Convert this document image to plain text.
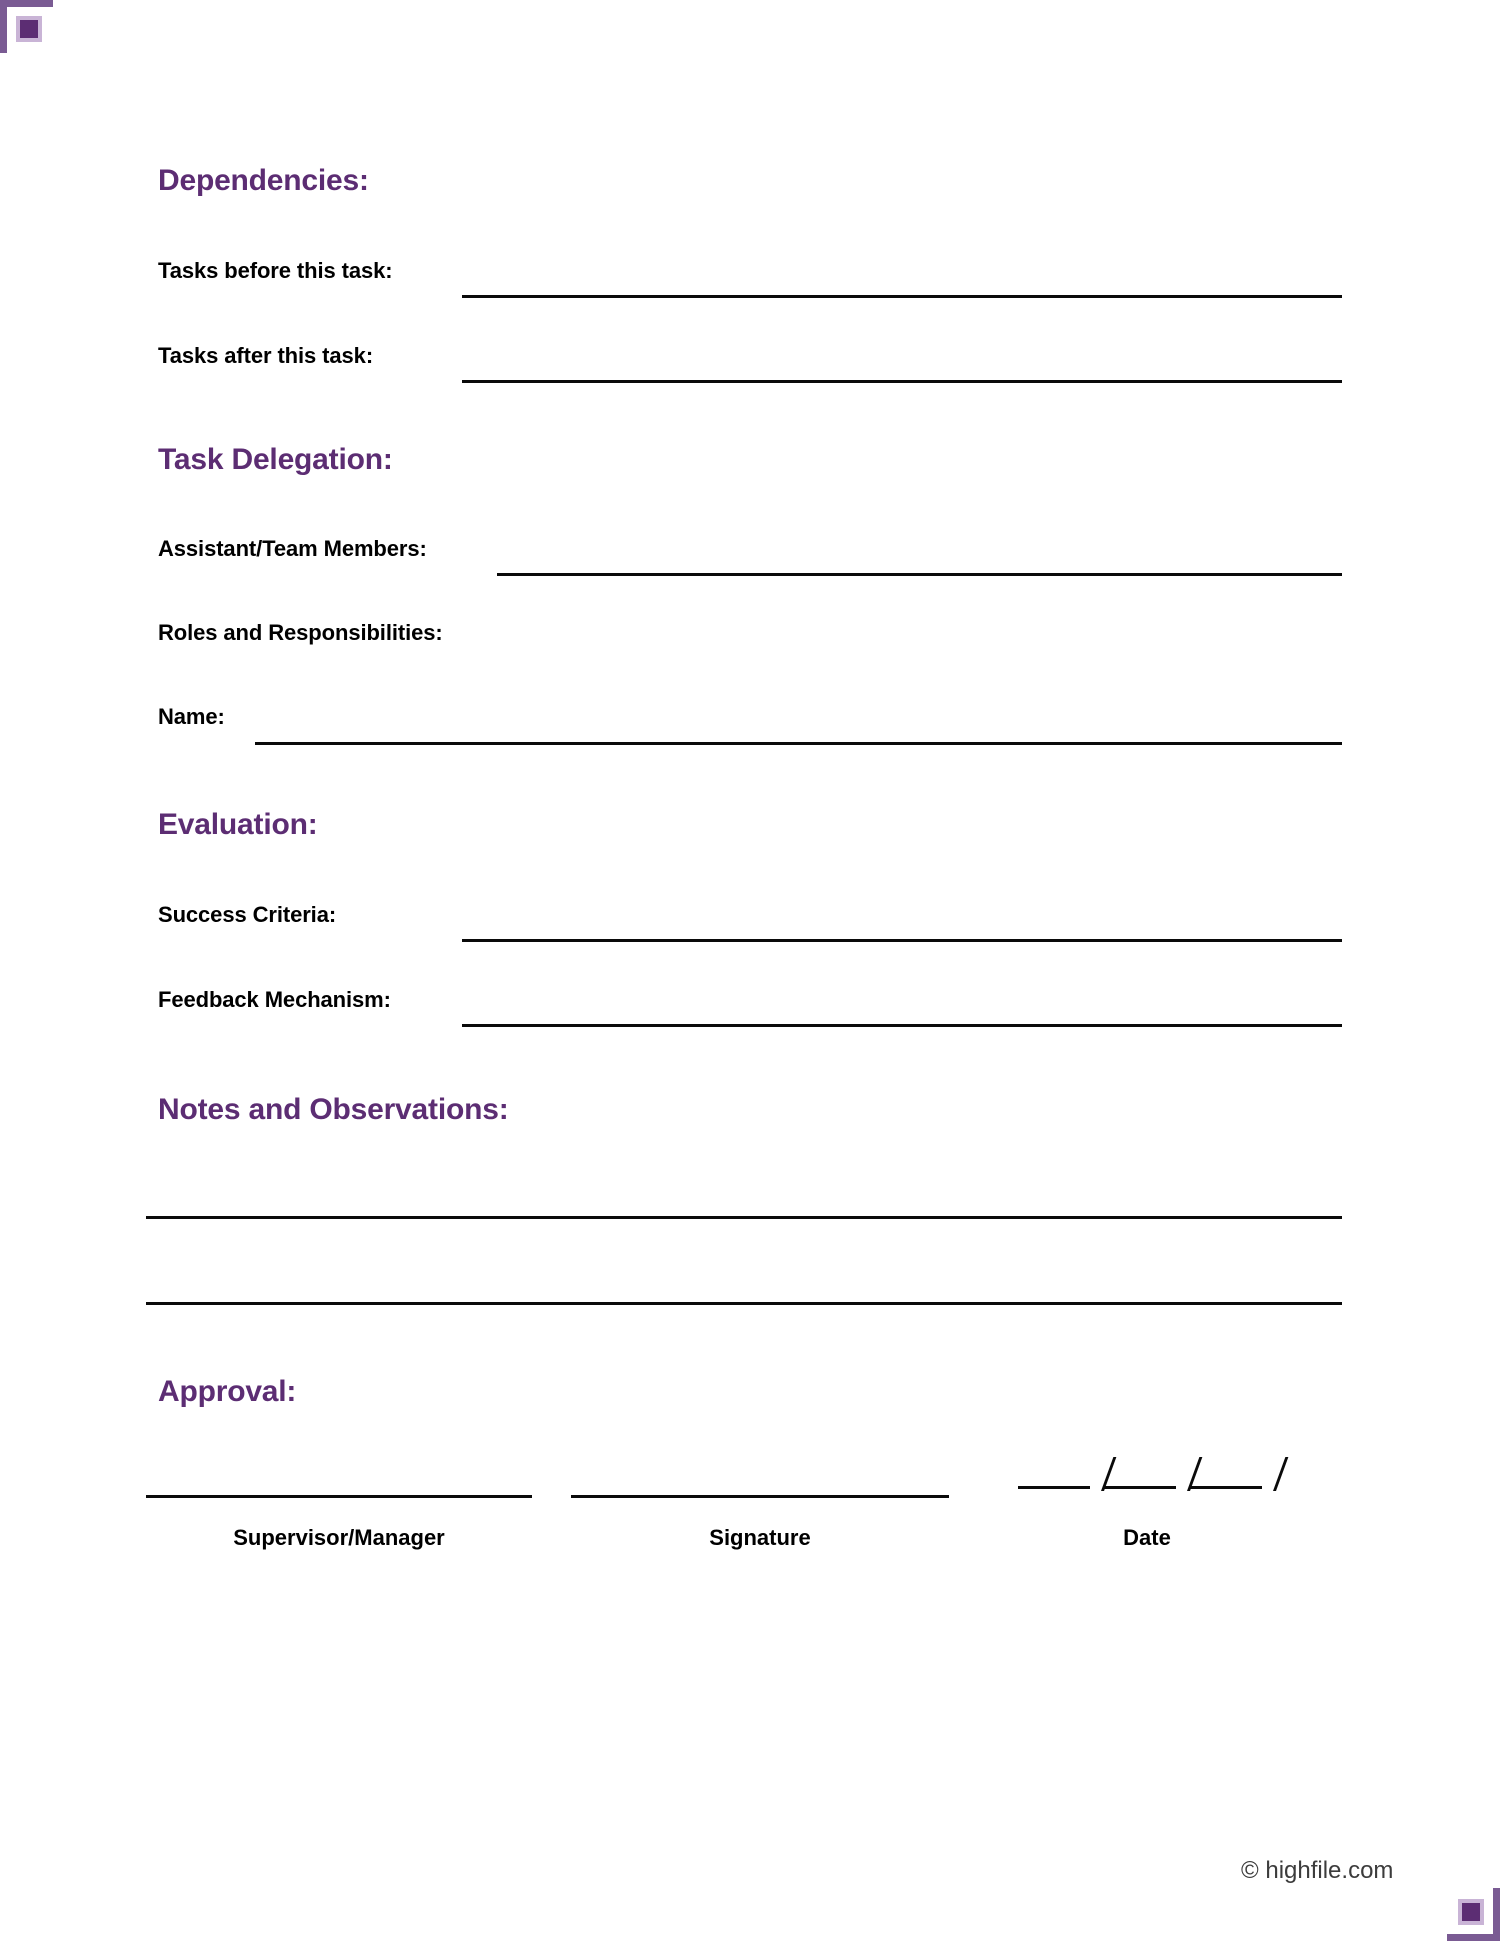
Dependencies:
Tasks before this task:
Tasks after this task:
Task Delegation:
Assistant/Team Members:
Roles and Responsibilities:
Name:
Evaluation:
Success Criteria:
Feedback Mechanism:
Notes and Observations:
Approval:
Supervisor/Manager	Signature	Date
© highfile.com
